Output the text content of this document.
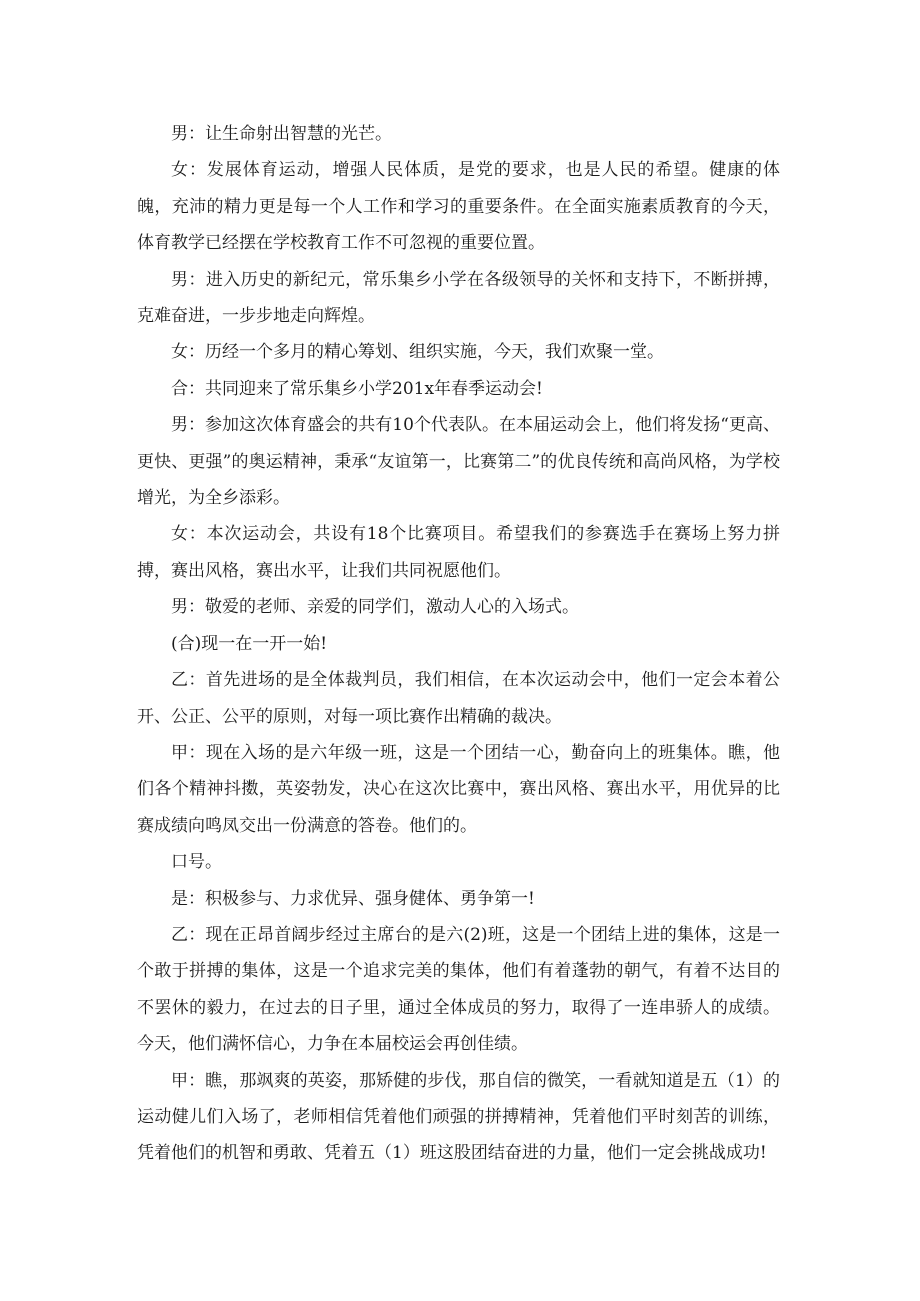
男：让生命射出智慧的光芒。

女：发展体育运动，增强人民体质，是党的要求，也是人民的希望。健康的体魄，充沛的精力更是每一个人工作和学习的重要条件。在全面实施素质教育的今天，体育教学已经摆在学校教育工作不可忽视的重要位置。

男：进入历史的新纪元，常乐集乡小学在各级领导的关怀和支持下，不断拼搏，克难奋进，一步步地走向辉煌。

女：历经一个多月的精心筹划、组织实施，今天，我们欢聚一堂。

合：共同迎来了常乐集乡小学201x年春季运动会!

男：参加这次体育盛会的共有10个代表队。在本届运动会上，他们将发扬“更高、更快、更强”的奥运精神，秉承“友谊第一，比赛第二”的优良传统和高尚风格，为学校增光，为全乡添彩。

女：本次运动会，共设有18个比赛项目。希望我们的参赛选手在赛场上努力拼搏，赛出风格，赛出水平，让我们共同祝愿他们。

男：敬爱的老师、亲爱的同学们，激动人心的入场式。

(合)现一在一开一始!

乙：首先进场的是全体裁判员，我们相信，在本次运动会中，他们一定会本着公开、公正、公平的原则，对每一项比赛作出精确的裁决。

甲：现在入场的是六年级一班，这是一个团结一心，勤奋向上的班集体。瞧，他们各个精神抖擞，英姿勃发，决心在这次比赛中，赛出风格、赛出水平，用优异的比赛成绩向鸣凤交出一份满意的答卷。他们的。

口号。

是：积极参与、力求优异、强身健体、勇争第一!

乙：现在正昂首阔步经过主席台的是六(2)班，这是一个团结上进的集体，这是一个敢于拼搏的集体，这是一个追求完美的集体，他们有着蓬勃的朝气，有着不达目的不罢休的毅力，在过去的日子里，通过全体成员的努力，取得了一连串骄人的成绩。今天，他们满怀信心，力争在本届校运会再创佳绩。

甲：瞧，那飒爽的英姿，那矫健的步伐，那自信的微笑，一看就知道是五（1）的运动健儿们入场了，老师相信凭着他们顽强的拼搏精神，凭着他们平时刻苦的训练，凭着他们的机智和勇敢、凭着五（1）班这股团结奋进的力量，他们一定会挑战成功!
